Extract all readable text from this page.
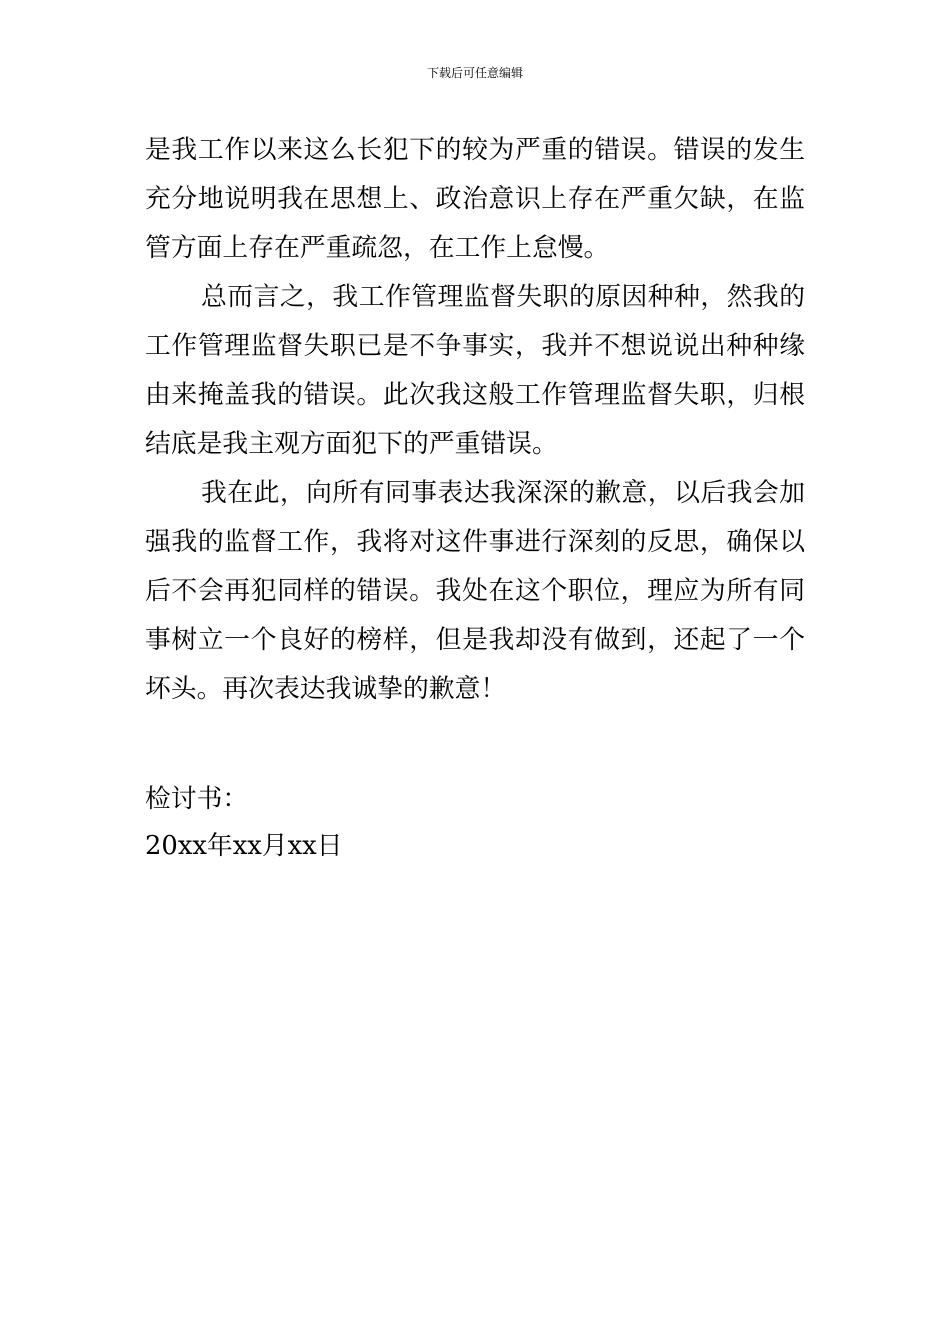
下载后可任意编辑
是我工作以来这么长犯下的较为严重的错误。错误的发生
充分地说明我在思想上、政治意识上存在严重欠缺，在监
管方面上存在严重疏忽，在工作上怠慢。
总而言之，我工作管理监督失职的原因种种，然我的
工作管理监督失职已是不争事实，我并不想说说出种种缘
由来掩盖我的错误。此次我这般工作管理监督失职，归根
结底是我主观方面犯下的严重错误。
我在此，向所有同事表达我深深的歉意，以后我会加
强我的监督工作，我将对这件事进行深刻的反思，确保以
后不会再犯同样的错误。我处在这个职位，理应为所有同
事树立一个良好的榜样，但是我却没有做到，还起了一个
坏头。再次表达我诚挚的歉意！

检讨书：

20xx年xx月xx日
